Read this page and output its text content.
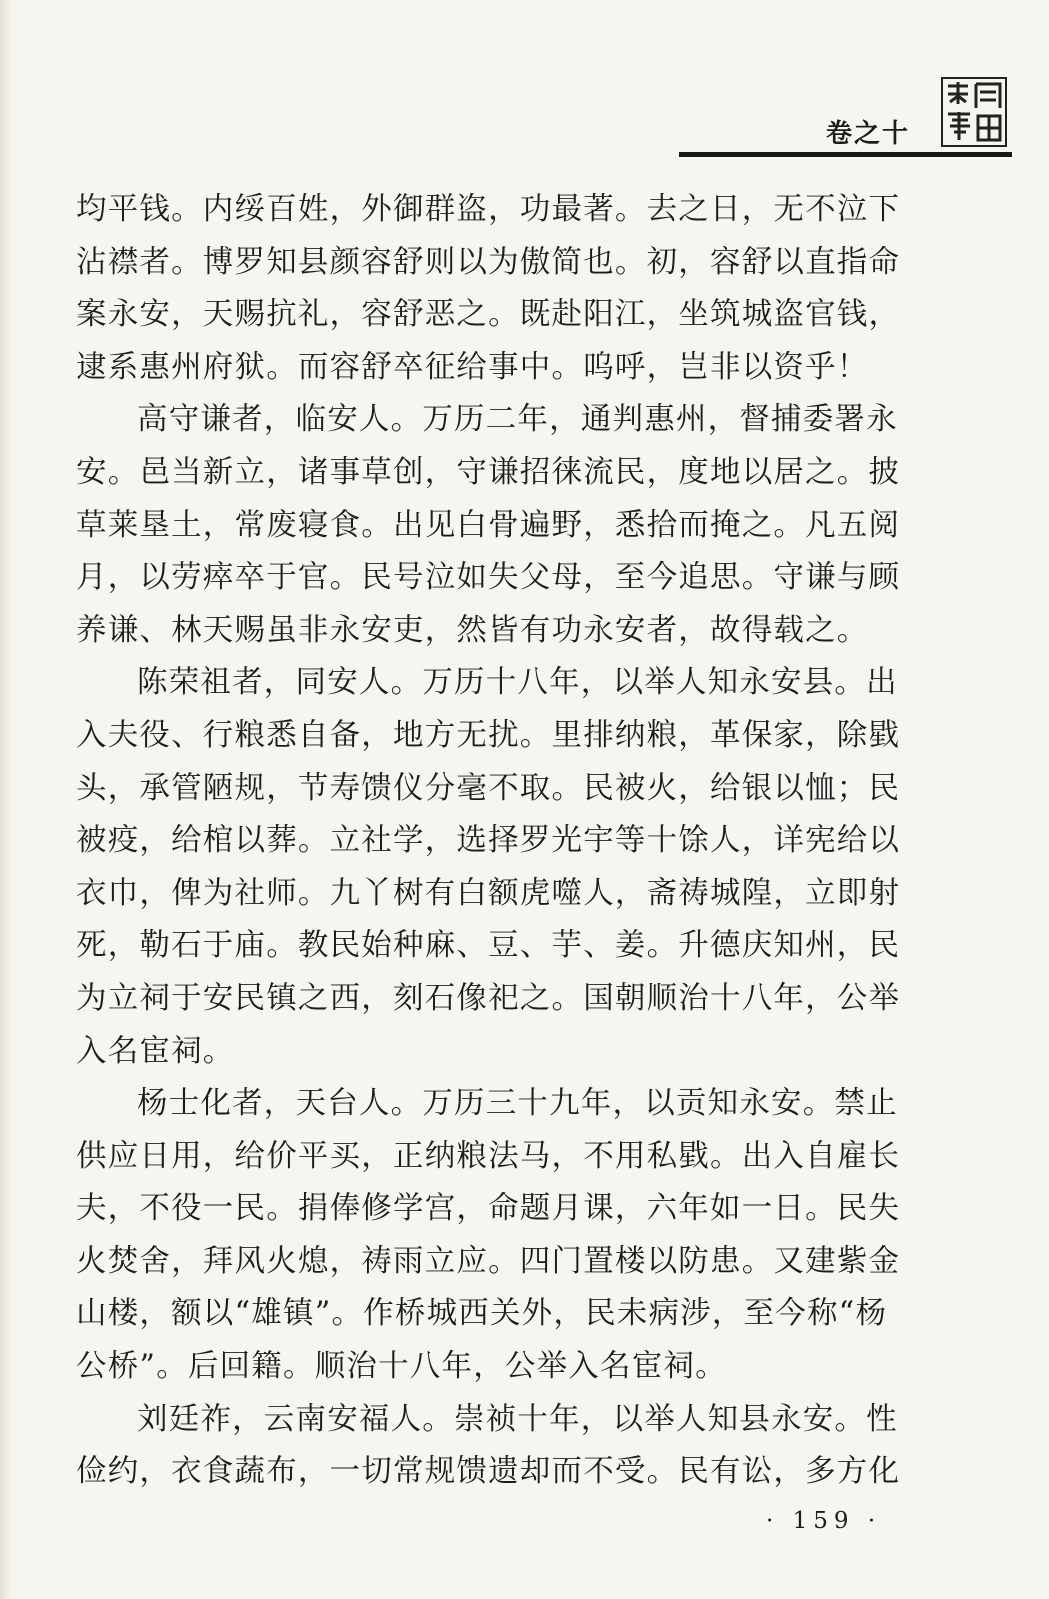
卷之十

均平钱。内绥百姓，外御群盗，功最著。去之日，无不泣下沾襟者。博罗知县颜容舒则以为傲简也。初，容舒以直指命案永安，天赐抗礼，容舒恶之。既赴阳江，坐筑城盗官钱，逮系惠州府狱。而容舒卒征给事中。呜呼，岂非以资乎！

高守谦者，临安人。万历二年，通判惠州，督捕委署永安。邑当新立，诸事草创，守谦招徕流民，度地以居之。披草莱垦土，常废寝食。出见白骨遍野，悉拾而掩之。凡五阅月，以劳瘁卒于官。民号泣如失父母，至今追思。守谦与顾养谦、林天赐虽非永安吏，然皆有功永安者，故得载之。

陈荣祖者，同安人。万历十八年，以举人知永安县。出入夫役、行粮悉自备，地方无扰。里排纳粮，革保家，除戥头，承管陋规，节寿馈仪分毫不取。民被火，给银以恤；民被疫，给棺以葬。立社学，选择罗光宇等十馀人，详宪给以衣巾，俾为社师。九丫树有白额虎噬人，斋祷城隍，立即射死，勒石于庙。教民始种麻、豆、芋、姜。升德庆知州，民为立祠于安民镇之西，刻石像祀之。国朝顺治十八年，公举入名宦祠。

杨士化者，天台人。万历三十九年，以贡知永安。禁止供应日用，给价平买，正纳粮法马，不用私戥。出入自雇长夫，不役一民。捐俸修学宫，命题月课，六年如一日。民失火焚舍，拜风火熄，祷雨立应。四门置楼以防患。又建紫金山楼，额以“雄镇”。作桥城西关外，民未病涉，至今称“杨公桥”。后回籍。顺治十八年，公举入名宦祠。

刘廷祚，云南安福人。崇祯十年，以举人知县永安。性俭约，衣食蔬布，一切常规馈遗却而不受。民有讼，多方化

· 159 ·
